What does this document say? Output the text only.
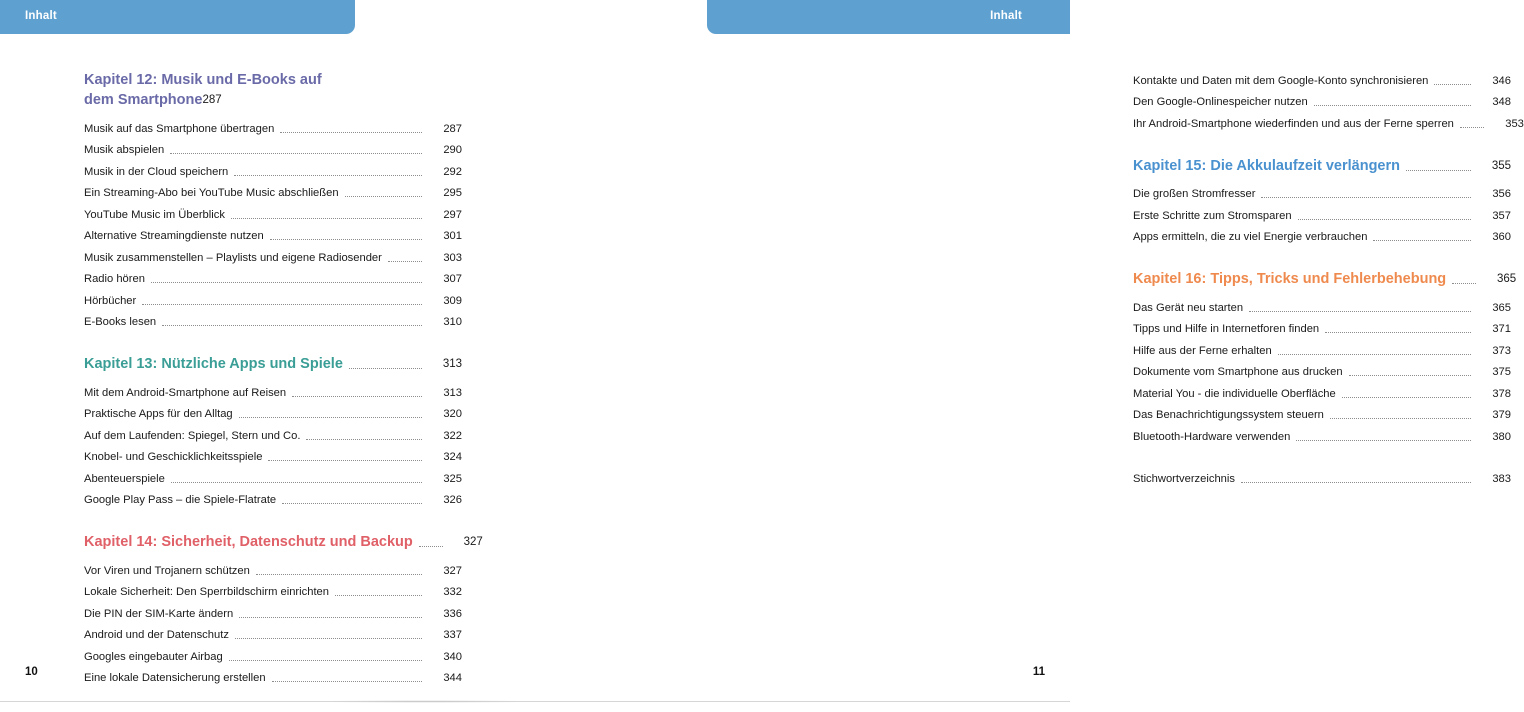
Inhalt
Kapitel 12: Musik und E-Books auf
dem Smartphone 287
Musik auf das Smartphone übertragen	287
Musik abspielen	290
Musik in der Cloud speichern	292
Ein Streaming-Abo bei YouTube Music abschließen	295
YouTube Music im Überblick	297
Alternative Streamingdienste nutzen	301
Musik zusammenstellen – Playlists und eigene Radiosender	303
Radio hören	307
Hörbücher	309
E-Books lesen	310
Kapitel 13: Nützliche Apps und Spiele	313
Mit dem Android-Smartphone auf Reisen	313
Praktische Apps für den Alltag	320
Auf dem Laufenden: Spiegel, Stern und Co.	322
Knobel- und Geschicklichkeitsspiele	324
Abenteuerspiele	325
Google Play Pass – die Spiele-Flatrate	326
Kapitel 14: Sicherheit, Datenschutz und Backup	327
Vor Viren und Trojanern schützen	327
Lokale Sicherheit: Den Sperrbildschirm einrichten	332
Die PIN der SIM-Karte ändern	336
Android und der Datenschutz	337
Googles eingebauter Airbag	340
Eine lokale Datensicherung erstellen	344
10
Inhalt
Kontakte und Daten mit dem Google-Konto synchronisieren	346
Den Google-Onlinespeicher nutzen	348
Ihr Android-Smartphone wiederfinden und aus der Ferne sperren	353
Kapitel 15: Die Akkulaufzeit verlängern	355
Die großen Stromfresser	356
Erste Schritte zum Stromsparen	357
Apps ermitteln, die zu viel Energie verbrauchen	360
Kapitel 16: Tipps, Tricks und Fehlerbehebung	365
Das Gerät neu starten	365
Tipps und Hilfe in Internetforen finden	371
Hilfe aus der Ferne erhalten	373
Dokumente vom Smartphone aus drucken	375
Material You - die individuelle Oberfläche	378
Das Benachrichtigungssystem steuern	379
Bluetooth-Hardware verwenden	380
Stichwortverzeichnis	383
11
